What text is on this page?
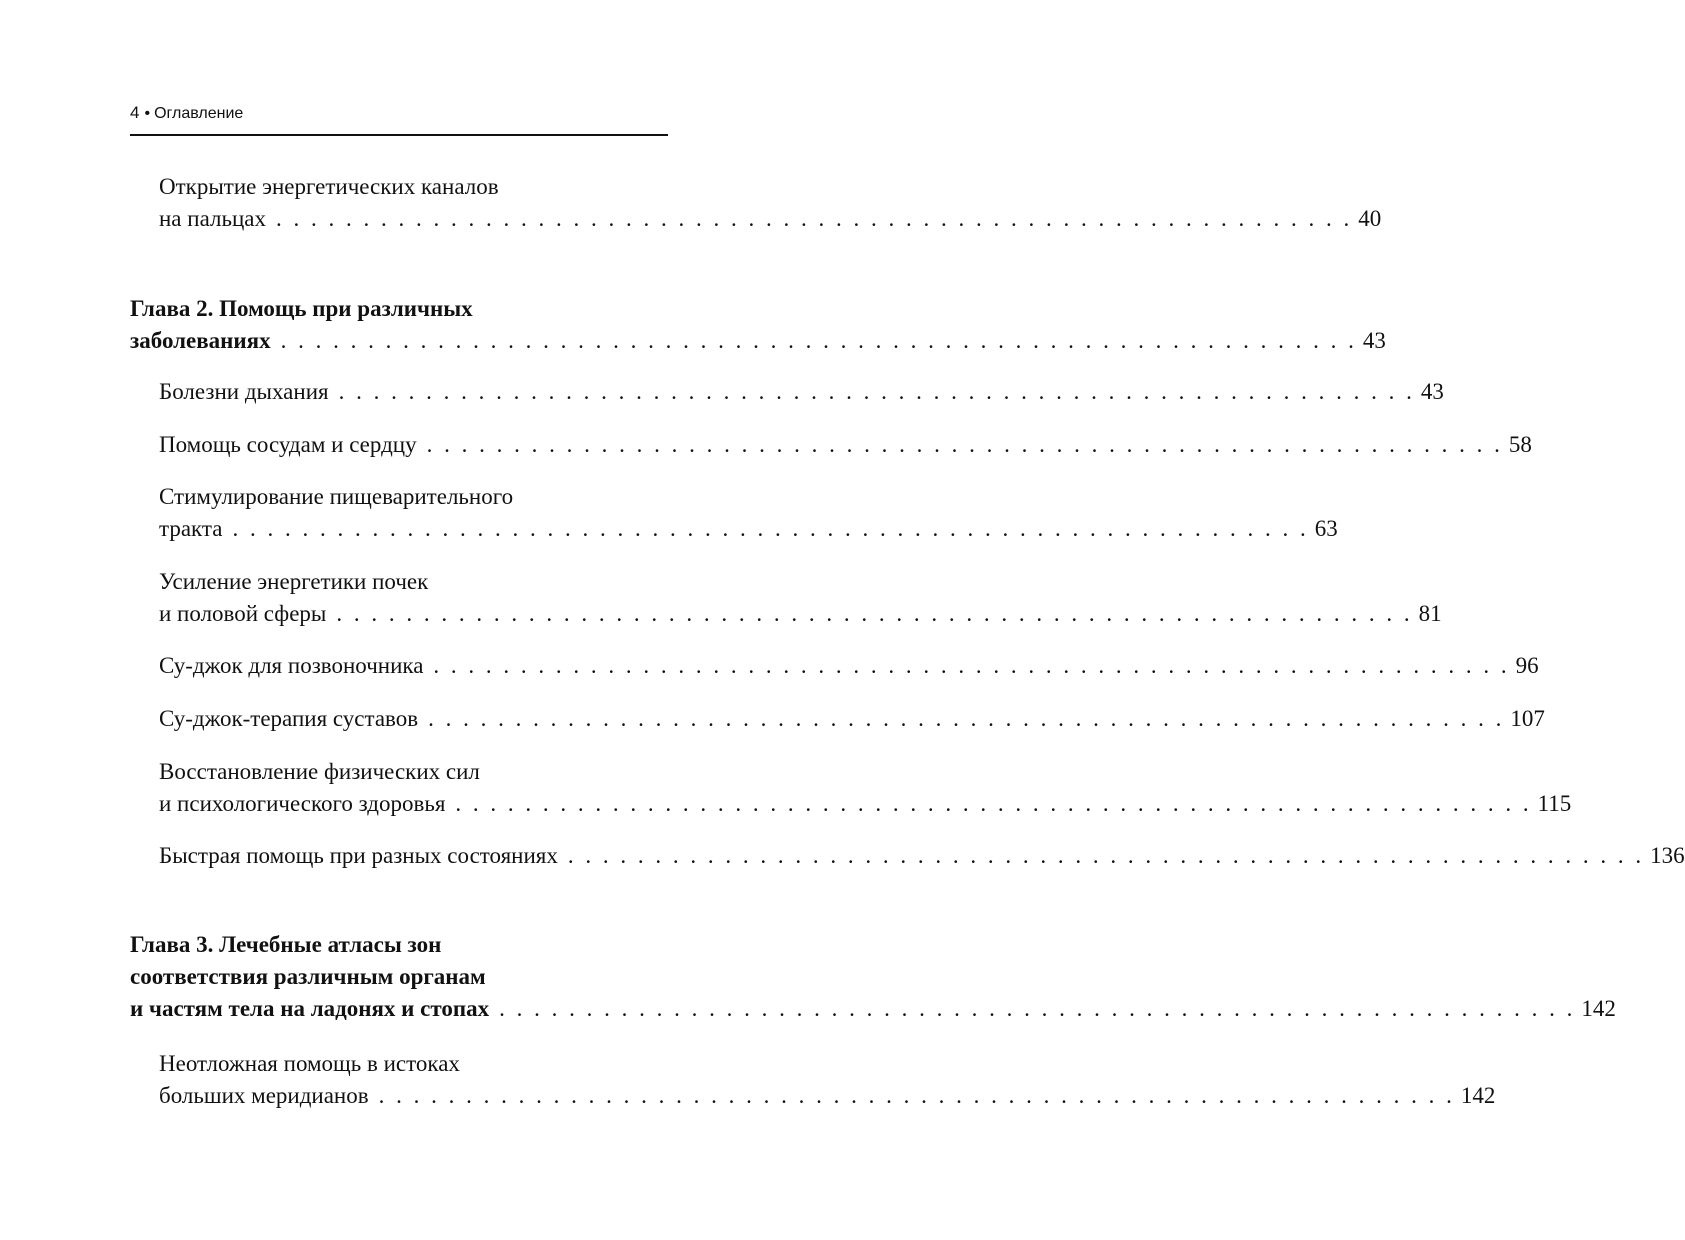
4 • Оглавление
Открытие энергетических каналов
на пальцах . . . . . . . . . . . . . . . . . . . . . . . . . . . . . . . . . . . . . . . . . . . . . . . . . . . . . . . . . . . . . . 40
Глава 2. Помощь при различных
заболеваниях . . . . . . . . . . . . . . . . . . . . . . . . . . . . . . . . . . . . . . . . . . . . . . . . . . . . . . . . . . . . . . 43
Болезни дыхания . . . . . . . . . . . . . . . . . . . . . . . . . . . . . . . . . . . . . . . . . . . . . . . . . . . . . . . . . . . . . . 43
Помощь сосудам и сердцу . . . . . . . . . . . . . . . . . . . . . . . . . . . . . . . . . . . . . . . . . . . . . . . . . . . . . . . . . . . . . . 58
Стимулирование пищеварительного
тракта . . . . . . . . . . . . . . . . . . . . . . . . . . . . . . . . . . . . . . . . . . . . . . . . . . . . . . . . . . . . . . 63
Усиление энергетики почек
и половой сферы . . . . . . . . . . . . . . . . . . . . . . . . . . . . . . . . . . . . . . . . . . . . . . . . . . . . . . . . . . . . . . 81
Су-джок для позвоночника . . . . . . . . . . . . . . . . . . . . . . . . . . . . . . . . . . . . . . . . . . . . . . . . . . . . . . . . . . . . . . 96
Су-джок-терапия суставов . . . . . . . . . . . . . . . . . . . . . . . . . . . . . . . . . . . . . . . . . . . . . . . . . . . . . . . . . . . . . . 107
Восстановление физических сил
и психологического здоровья . . . . . . . . . . . . . . . . . . . . . . . . . . . . . . . . . . . . . . . . . . . . . . . . . . . . . . . . . . . . . . 115
Быстрая помощь при разных состояниях . . . . . . . . . . . . . . . . . . . . . . . . . . . . . . . . . . . . . . . . . . . . . . . . . . . . . . . . . . . . . . 136
Глава 3. Лечебные атласы зон
соответствия различным органам
и частям тела на ладонях и стопах . . . . . . . . . . . . . . . . . . . . . . . . . . . . . . . . . . . . . . . . . . . . . . . . . . . . . . . . . . . . . . 142
Неотложная помощь в истоках
больших меридианов . . . . . . . . . . . . . . . . . . . . . . . . . . . . . . . . . . . . . . . . . . . . . . . . . . . . . . . . . . . . . . 142
